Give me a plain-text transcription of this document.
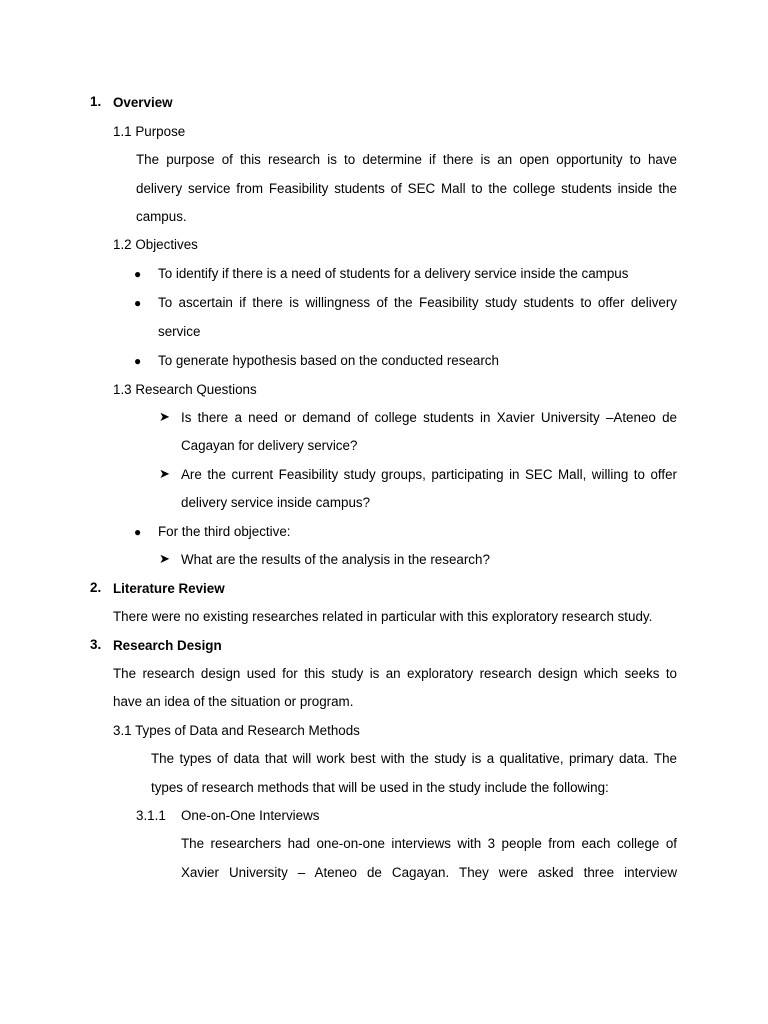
1. Overview
1.1 Purpose
The purpose of this research is to determine if there is an open opportunity to have
delivery service from Feasibility students of SEC Mall to the college students inside the
campus.
1.2 Objectives
● To identify if there is a need of students for a delivery service inside the campus
● To ascertain if there is willingness of the Feasibility study students to offer delivery
service
● To generate hypothesis based on the conducted research
1.3 Research Questions
➤ Is there a need or demand of college students in Xavier University –Ateneo de
Cagayan for delivery service?
➤ Are the current Feasibility study groups, participating in SEC Mall, willing to offer
delivery service inside campus?
● For the third objective:
➤ What are the results of the analysis in the research?
2. Literature Review
There were no existing researches related in particular with this exploratory research study.
3. Research Design
The research design used for this study is an exploratory research design which seeks to
have an idea of the situation or program.
3.1 Types of Data and Research Methods
The types of data that will work best with the study is a qualitative, primary data. The
types of research methods that will be used in the study include the following:
3.1.1 One-on-One Interviews
The researchers had one-on-one interviews with 3 people from each college of
Xavier University – Ateneo de Cagayan. They were asked three interview
